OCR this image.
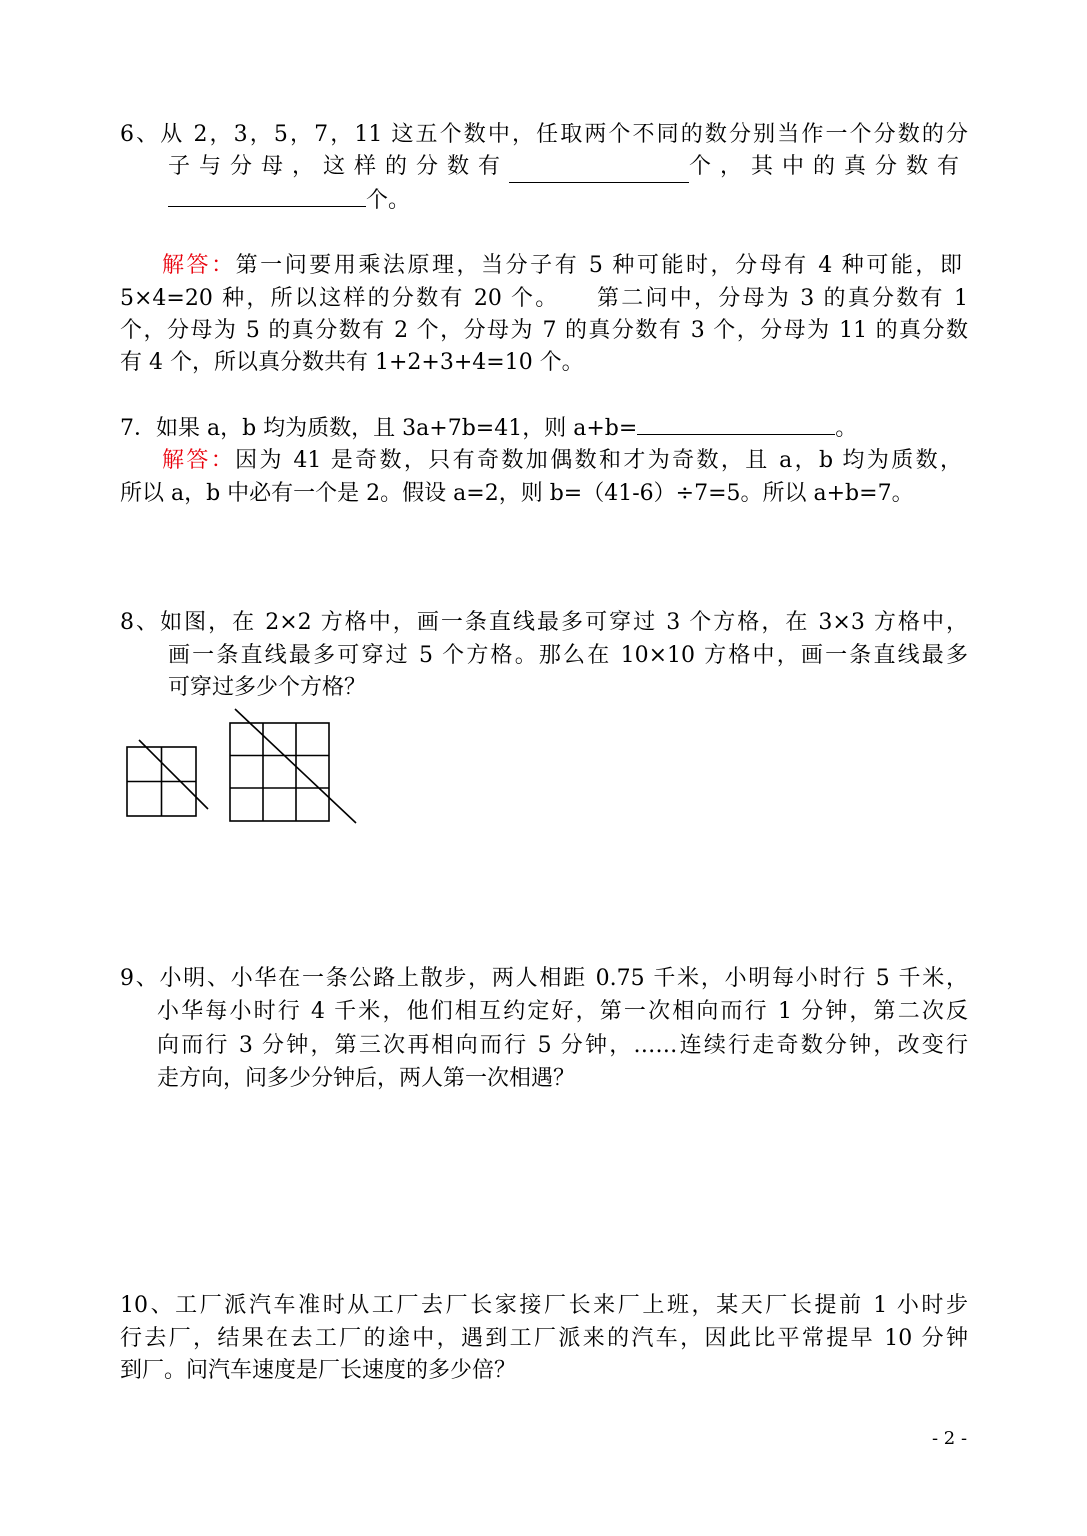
6、从 2，3，5，7，11 这五个数中，任取两个不同的数分别当作一个分数的分
子与分母，这样的分数有	个，其中的真分数有
个。
解答：第一问要用乘法原理，当分子有 5 种可能时，分母有 4 种可能，即
5×4=20 种，所以这样的分数有 20 个。　　第二问中，分母为 3 的真分数有 1
个，分母为 5 的真分数有 2 个，分母为 7 的真分数有 3 个，分母为 11 的真分数
有 4 个，所以真分数共有 1+2+3+4=10 个。
7．如果 a，b 均为质数，且 3a+7b=41，则 a+b=	。
解答：因为 41 是奇数，只有奇数加偶数和才为奇数，且 a，b 均为质数，
所以 a，b 中必有一个是 2。假设 a=2，则 b=（41-6）÷7=5。所以 a+b=7。
8、如图，在 2×2 方格中，画一条直线最多可穿过 3 个方格，在 3×3 方格中，
画一条直线最多可穿过 5 个方格。那么在 10×10 方格中，画一条直线最多
可穿过多少个方格？
9、小明、小华在一条公路上散步，两人相距 0.75 千米，小明每小时行 5 千米，
小华每小时行 4 千米，他们相互约定好，第一次相向而行 1 分钟，第二次反
向而行 3 分钟，第三次再相向而行 5 分钟，……连续行走奇数分钟，改变行
走方向，问多少分钟后，两人第一次相遇？
10、工厂派汽车准时从工厂去厂长家接厂长来厂上班，某天厂长提前 1 小时步
行去厂，结果在去工厂的途中，遇到工厂派来的汽车，因此比平常提早 10 分钟
到厂。问汽车速度是厂长速度的多少倍？
- 2 -
